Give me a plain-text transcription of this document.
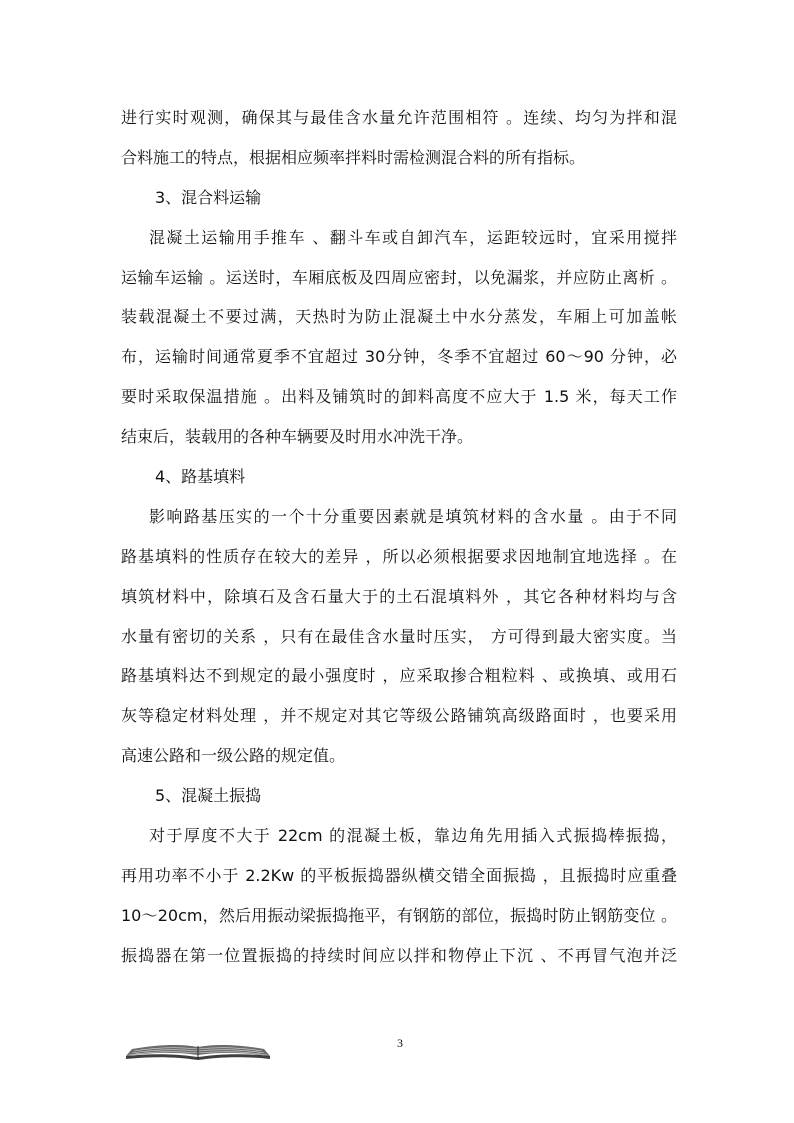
进行实时观测，确保其与最佳含水量允许范围相符 。连续、均匀为拌和混
合料施工的特点，根据相应频率拌料时需检测混合料的所有指标。
3、混合料运输
混凝土运输用手推车 、翻斗车或自卸汽车，运距较远时，宜采用搅拌
运输车运输 。运送时，车厢底板及四周应密封，以免漏浆，并应防止离析 。
装载混凝土不要过满，天热时为防止混凝土中水分蒸发，车厢上可加盖帐
布，运输时间通常夏季不宜超过 30分钟，冬季不宜超过 60～90 分钟，必
要时采取保温措施 。出料及铺筑时的卸料高度不应大于 1.5 米，每天工作
结束后，装载用的各种车辆要及时用水冲洗干净。
4、路基填料
影响路基压实的一个十分重要因素就是填筑材料的含水量 。由于不同
路基填料的性质存在较大的差异 ，所以必须根据要求因地制宜地选择 。在
填筑材料中，除填石及含石量大于的土石混填料外 ，其它各种材料均与含
水量有密切的关系 ，只有在最佳含水量时压实， 方可得到最大密实度。当
路基填料达不到规定的最小强度时 ，应采取掺合粗粒料 、或换填、或用石
灰等稳定材料处理 ，并不规定对其它等级公路铺筑高级路面时 ，也要采用
高速公路和一级公路的规定值。
5、混凝土振捣
对于厚度不大于 22cm 的混凝土板，靠边角先用插入式振捣棒振捣，
再用功率不小于 2.2Kw 的平板振捣器纵横交错全面振捣 ，且振捣时应重叠
10～20cm，然后用振动梁振捣拖平，有钢筋的部位，振捣时防止钢筋变位 。
振捣器在第一位置振捣的持续时间应以拌和物停止下沉 、不再冒气泡并泛
3
